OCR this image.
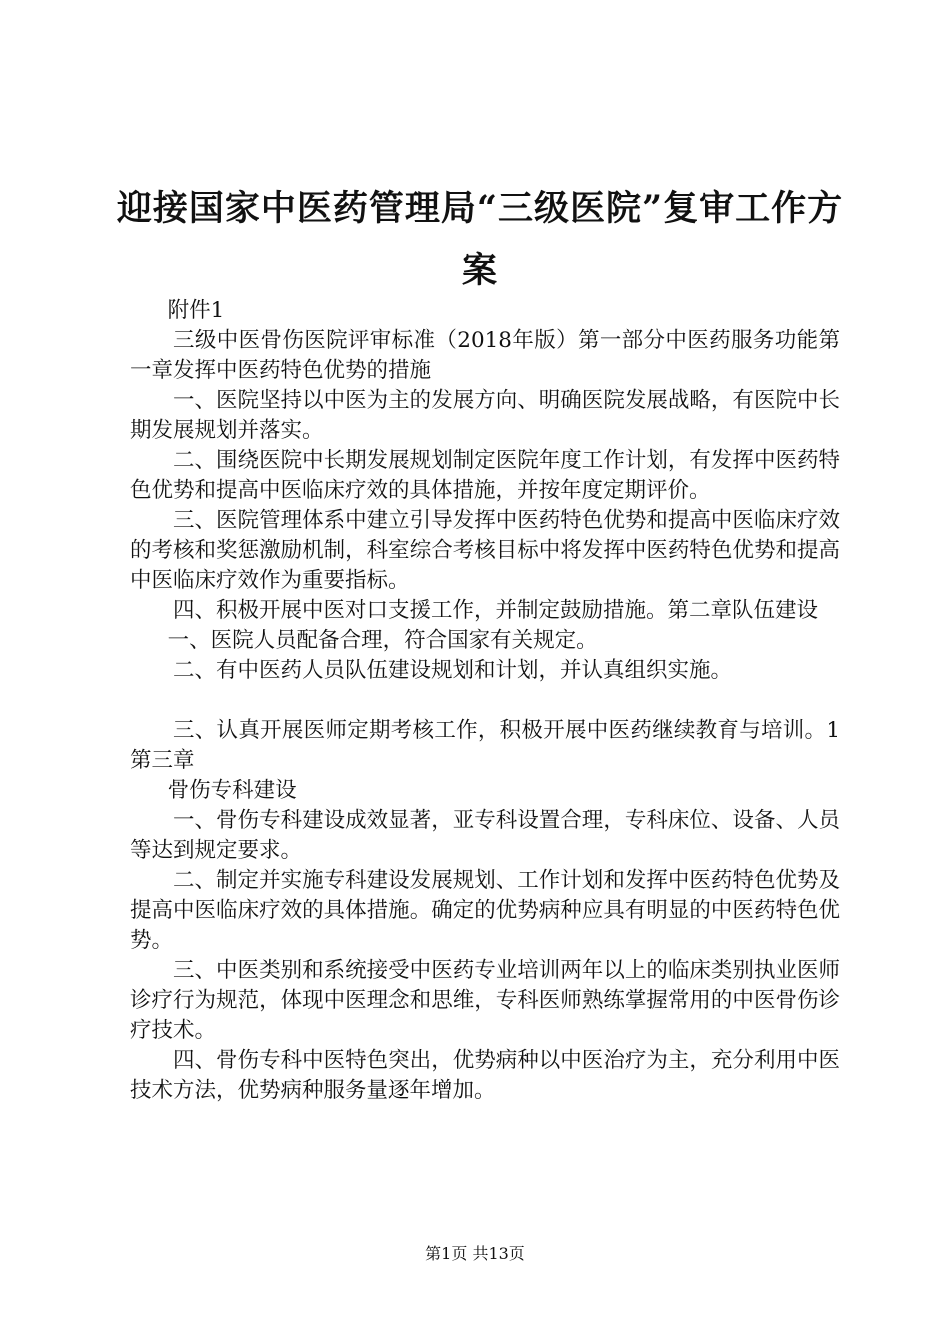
迎接国家中医药管理局“三级医院”复审工作方案

附件1

三级中医骨伤医院评审标准（2018年版）第一部分中医药服务功能第一章发挥中医药特色优势的措施

一、医院坚持以中医为主的发展方向、明确医院发展战略，有医院中长期发展规划并落实。

二、围绕医院中长期发展规划制定医院年度工作计划，有发挥中医药特色优势和提高中医临床疗效的具体措施，并按年度定期评价。

三、医院管理体系中建立引导发挥中医药特色优势和提高中医临床疗效的考核和奖惩激励机制，科室综合考核目标中将发挥中医药特色优势和提高中医临床疗效作为重要指标。

四、积极开展中医对口支援工作，并制定鼓励措施。第二章队伍建设

一、医院人员配备合理，符合国家有关规定。

二、有中医药人员队伍建设规划和计划，并认真组织实施。

三、认真开展医师定期考核工作，积极开展中医药继续教育与培训。1第三章

骨伤专科建设

一、骨伤专科建设成效显著，亚专科设置合理，专科床位、设备、人员等达到规定要求。

二、制定并实施专科建设发展规划、工作计划和发挥中医药特色优势及提高中医临床疗效的具体措施。确定的优势病种应具有明显的中医药特色优势。

三、中医类别和系统接受中医药专业培训两年以上的临床类别执业医师诊疗行为规范，体现中医理念和思维，专科医师熟练掌握常用的中医骨伤诊疗技术。

四、骨伤专科中医特色突出，优势病种以中医治疗为主，充分利用中医技术方法，优势病种服务量逐年增加。

第1页 共13页
